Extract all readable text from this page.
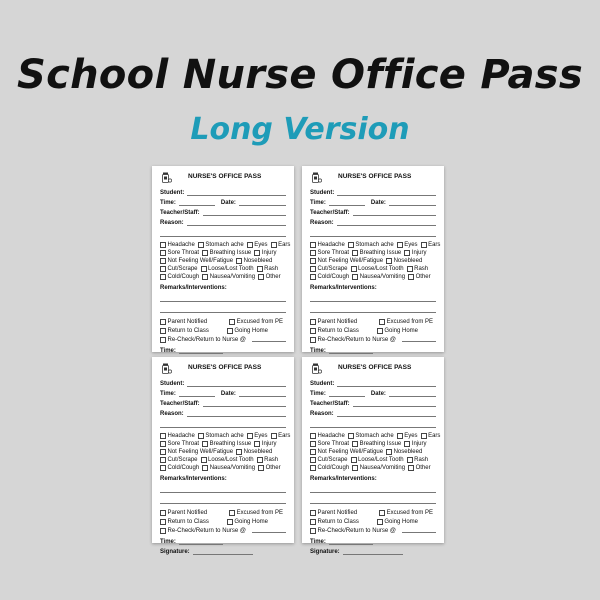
School Nurse Office Pass
Long Version
NURSE'S OFFICE PASS
Student:
Time:	Date:
Teacher/Staff:
Reason:
Headache Stomach ache Eyes Ears
Sore Throat Breathing Issue Injury
Not Feeling Well/Fatigue Nosebleed
Cut/Scrape Loose/Lost Tooth Rash
Cold/Cough Nausea/Vomiting Other
Remarks/Interventions:
Parent Notified	Excused from PE
Return to Class	Going Home
Re-Check/Return to Nurse @
Time:
NURSE'S OFFICE PASS
Student:
Time:	Date:
Teacher/Staff:
Reason:
Headache Stomach ache Eyes Ears
Sore Throat Breathing Issue Injury
Not Feeling Well/Fatigue Nosebleed
Cut/Scrape Loose/Lost Tooth Rash
Cold/Cough Nausea/Vomiting Other
Remarks/Interventions:
Parent Notified	Excused from PE
Return to Class	Going Home
Re-Check/Return to Nurse @
Time:
NURSE'S OFFICE PASS
Student:
Time:	Date:
Teacher/Staff:
Reason:
Headache Stomach ache Eyes Ears
Sore Throat Breathing Issue Injury
Not Feeling Well/Fatigue Nosebleed
Cut/Scrape Loose/Lost Tooth Rash
Cold/Cough Nausea/Vomiting Other
Remarks/Interventions:
Parent Notified	Excused from PE
Return to Class	Going Home
Re-Check/Return to Nurse @
Time:
Signature:
NURSE'S OFFICE PASS
Student:
Time:	Date:
Teacher/Staff:
Reason:
Headache Stomach ache Eyes Ears
Sore Throat Breathing Issue Injury
Not Feeling Well/Fatigue Nosebleed
Cut/Scrape Loose/Lost Tooth Rash
Cold/Cough Nausea/Vomiting Other
Remarks/Interventions:
Parent Notified	Excused from PE
Return to Class	Going Home
Re-Check/Return to Nurse @
Time:
Signature:
